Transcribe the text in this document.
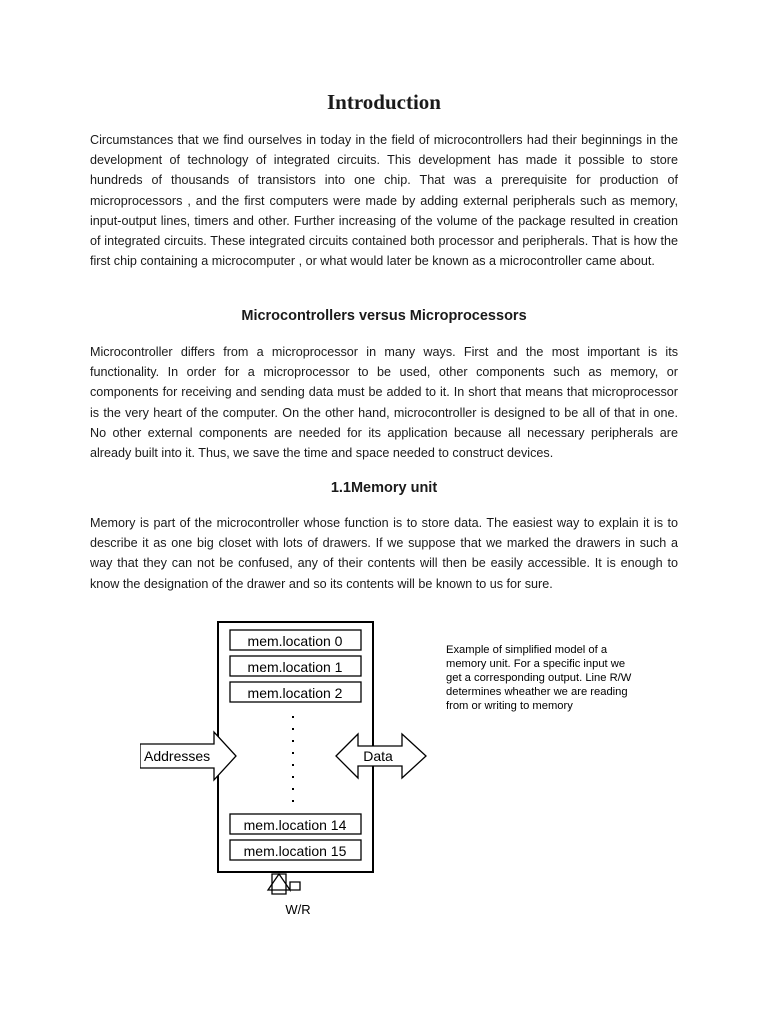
Introduction

Circumstances that we find ourselves in today in the field of microcontrollers had their beginnings in the development of technology of integrated circuits. This development has made it possible to store hundreds of thousands of transistors into one chip. That was a prerequisite for production of microprocessors , and the first computers were made by adding external peripherals such as memory, input-output lines, timers and other. Further increasing of the volume of the package resulted in creation of integrated circuits. These integrated circuits contained both processor and peripherals. That is how the first chip containing a microcomputer , or what would later be known as a microcontroller came about.

Microcontrollers versus Microprocessors

Microcontroller differs from a microprocessor in many ways. First and the most important is its functionality. In order for a microprocessor to be used, other components such as memory, or components for receiving and sending data must be added to it. In short that means that microprocessor is the very heart of the computer. On the other hand, microcontroller is designed to be all of that in one. No other external components are needed for its application because all necessary peripherals are already built into it. Thus, we save the time and space needed to construct devices.

1.1Memory unit

Memory is part of the microcontroller whose function is to store data. The easiest way to explain it is to describe it as one big closet with lots of drawers. If we suppose that we marked the drawers in such a way that they can not be confused, any of their contents will then be easily accessible. It is enough to know the designation of the drawer and so its contents will be known to us for sure.

mem.location 0
mem.location 1
mem.location 2
mem.location 14
mem.location 15
Addresses	Data
W/R
Example of simplified model of a
memory unit. For a specific input we
get a corresponding output. Line R/W
determines wheather we are reading
from or writing to memory
